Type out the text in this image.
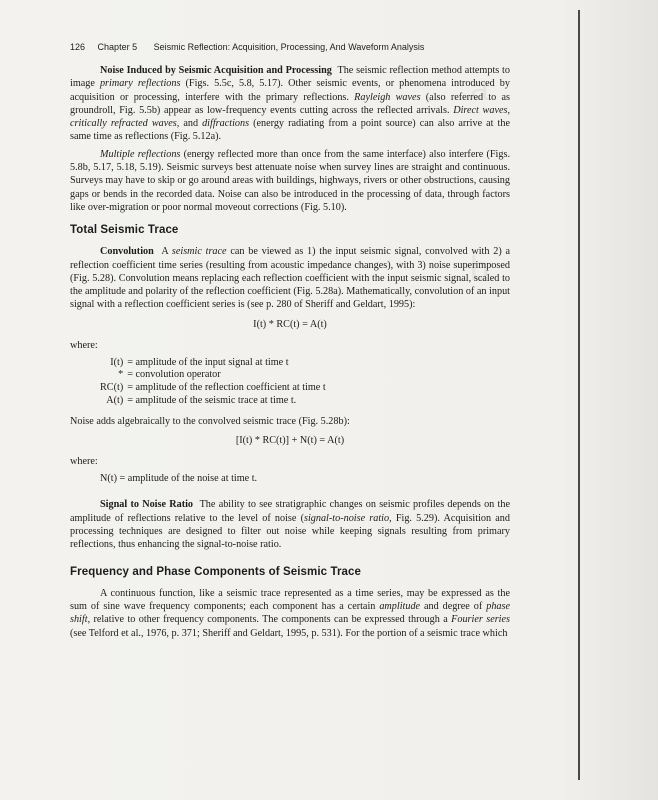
a
b
126 Chapter 5 Seismic Reflection: Acquisition, Processing, And Waveform Analysis

Noise Induced by Seismic Acquisition and Processing The seismic reflection method attempts to image primary reflections (Figs. 5.5c, 5.8, 5.17). Other seismic events, or phenomena introduced by acquisition or processing, interfere with the primary reflections. Rayleigh waves (also referred to as groundroll, Fig. 5.5b) appear as low-frequency events cutting across the reflected arrivals. Direct waves, critically refracted waves, and diffractions (energy radiating from a point source) can also arrive at the same time as reflections (Fig. 5.12a).

Multiple reflections (energy reflected more than once from the same interface) also interfere (Figs. 5.8b, 5.17, 5.18, 5.19). Seismic surveys best attenuate noise when survey lines are straight and continuous. Surveys may have to skip or go around areas with buildings, highways, rivers or other obstructions, causing gaps or bends in the recorded data. Noise can also be introduced in the processing of data, through factors like over-migration or poor normal moveout corrections (Fig. 5.10).

Total Seismic Trace

Convolution A seismic trace can be viewed as 1) the input seismic signal, convolved with 2) a reflection coefficient time series (resulting from acoustic impedance changes), with 3) noise superimposed (Fig. 5.28). Convolution means replacing each reflection coefficient with the input seismic signal, scaled to the amplitude and polarity of the reflection coefficient (Fig. 5.28a). Mathematically, convolution of an input signal with a reflection coefficient series is (see p. 280 of Sheriff and Geldart, 1995):

I(t) * RC(t) = A(t)
where:
I(t)	= amplitude of the input signal at time t
*	= convolution operator
RC(t)	= amplitude of the reflection coefficient at time t
A(t)	= amplitude of the seismic trace at time t.

Noise adds algebraically to the convolved seismic trace (Fig. 5.28b):

[I(t) * RC(t)] + N(t) = A(t)
where:
N(t) = amplitude of the noise at time t.

Signal to Noise Ratio The ability to see stratigraphic changes on seismic profiles depends on the amplitude of reflections relative to the level of noise (signal-to-noise ratio, Fig. 5.29). Acquisition and processing techniques are designed to filter out noise while keeping signals resulting from primary reflections, thus enhancing the signal-to-noise ratio.

Frequency and Phase Components of Seismic Trace

A continuous function, like a seismic trace represented as a time series, may be expressed as the sum of sine wave frequency components; each component has a certain amplitude and degree of phase shift, relative to other frequency components. The components can be expressed through a Fourier series (see Telford et al., 1976, p. 371; Sheriff and Geldart, 1995, p. 531). For the portion of a seismic trace which
